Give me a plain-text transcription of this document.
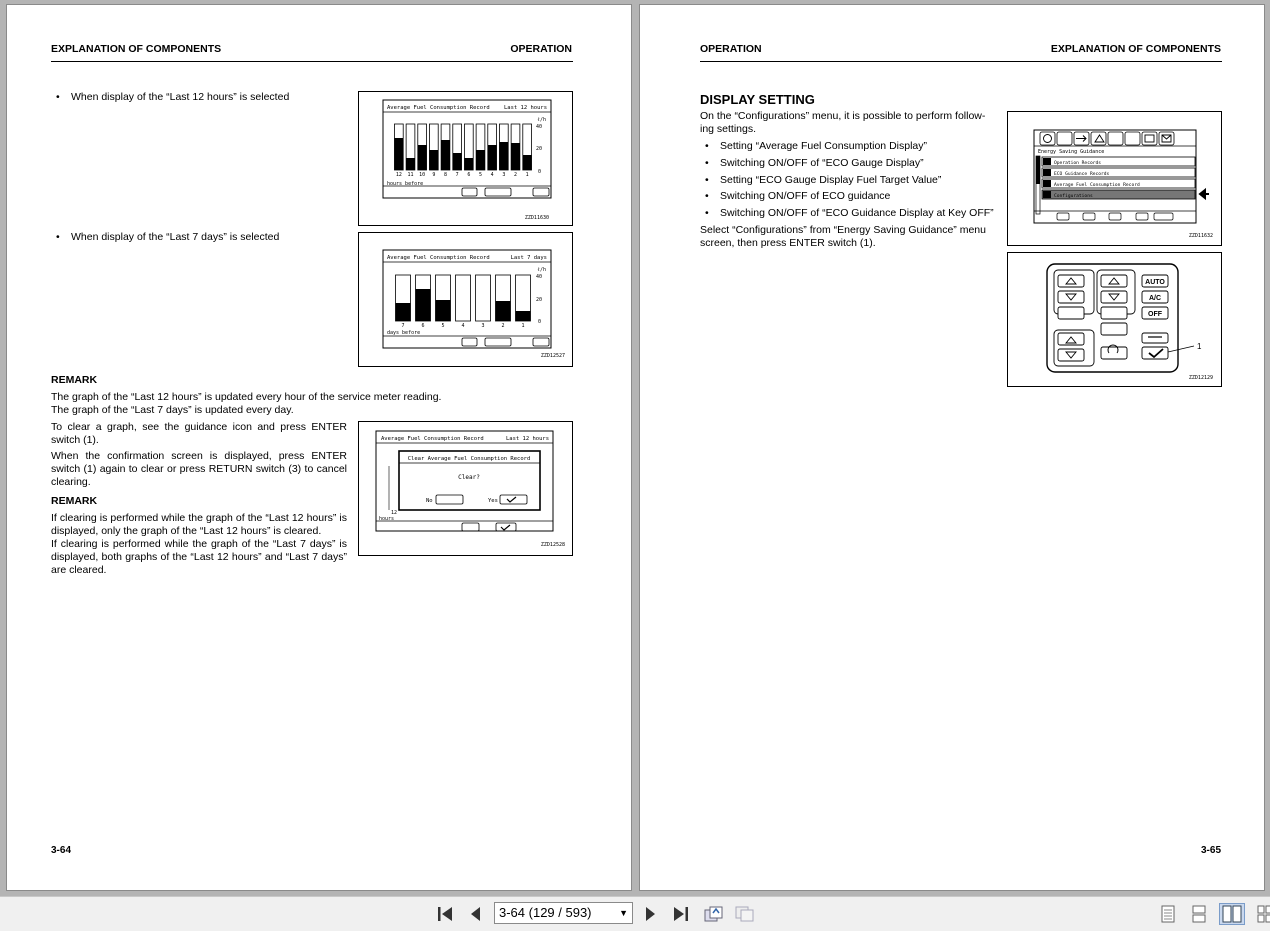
EXPLANATION OF COMPONENTS	OPERATION
• When display of the “Last 12 hours” is selected
• When display of the “Last 7 days” is selected
Average Fuel Consumption Record	Last 12 hours
ℓ/h
40
20
0
12 11 10 9 8 7 6 5 4 3 2 1
hours before
ZZD11630
Average Fuel Consumption Record	Last 7 days
ℓ/h
40
20
0
7	6	5	4	3	2	1
days before
ZZD12527
REMARK
The graph of the “Last 12 hours” is updated every hour of the service meter reading.
The graph of the “Last 7 days” is updated every day.
To clear a graph, see the guidance icon and press ENTER switch (1).
When the confirmation screen is displayed, press ENTER switch (1) again to clear or press RETURN switch (3) to cancel clearing.
REMARK
If clearing is performed while the graph of the “Last 12 hours” is displayed, only the graph of the “Last 12 hours” is cleared.
If clearing is performed while the graph of the “Last 7 days” is displayed, both graphs of the “Last 12 hours” and “Last 7 days” are cleared.
Average Fuel Consumption Record	Last 12 hours
12
hours
Clear Average Fuel Consumption Record
Clear?
No	Yes
ZZD12528
3-64
OPERATION	EXPLANATION OF COMPONENTS
DISPLAY SETTING
On the “Configurations” menu, it is possible to perform follow-
ing settings.
• Setting “Average Fuel Consumption Display”
• Switching ON/OFF of “ECO Gauge Display”
• Setting “ECO Gauge Display Fuel Target Value”
• Switching ON/OFF of ECO guidance
• Switching ON/OFF of “ECO Guidance Display at Key OFF”
Select “Configurations” from “Energy Saving Guidance” menu
screen, then press ENTER switch (1).
Energy Saving Guidance
Operation Records
ECO Guidance Records
Average Fuel Consumption Record
Configurations
ZZD11632
AUTO
A/C
OFF
1
ZZD12129
3-65
3-64 (129 / 593)	▼
